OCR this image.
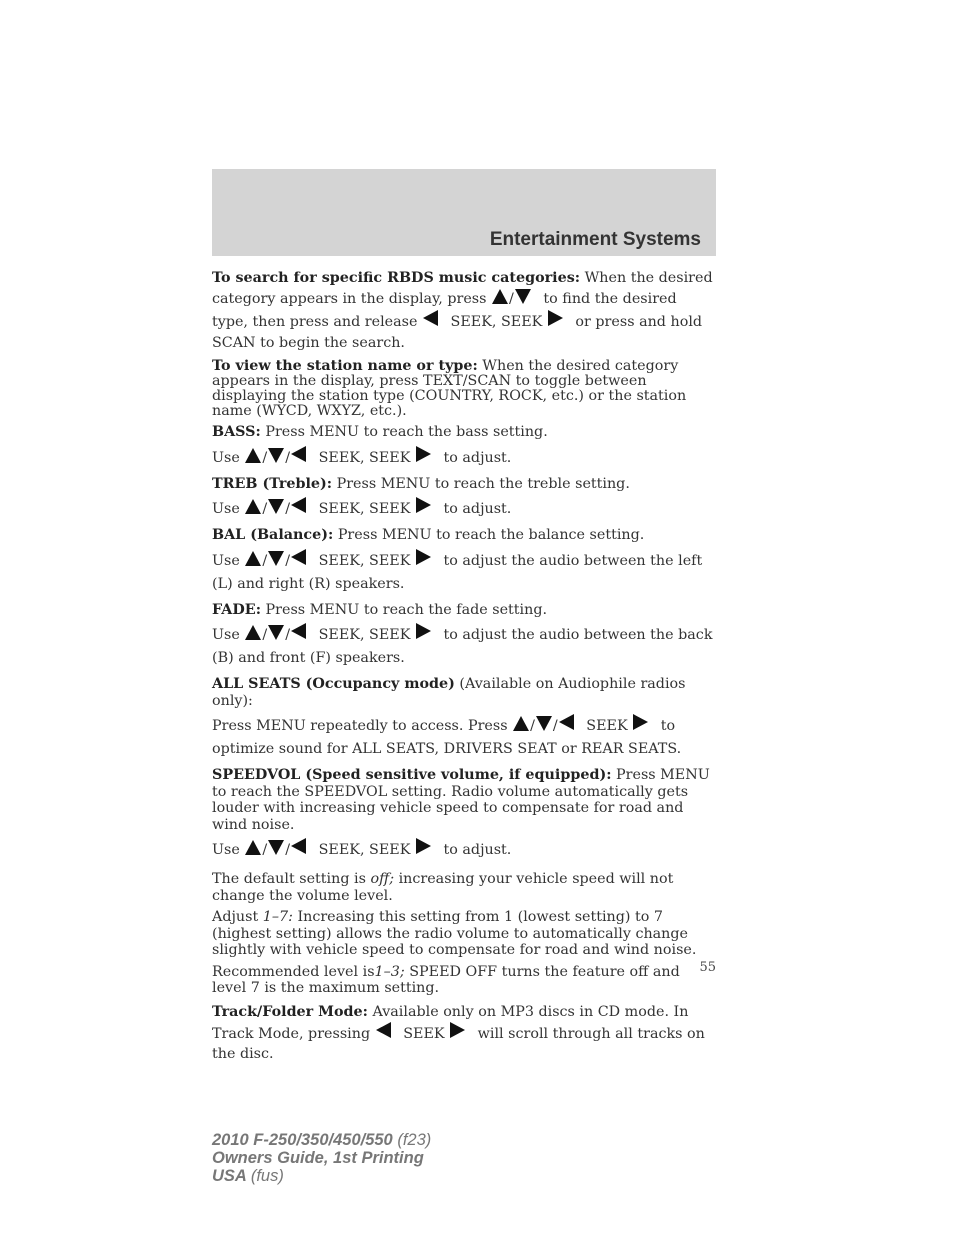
Entertainment Systems
To search for specific RBDS music categories: When the desired category appears in the display, press / to find the desired type, then press and release SEEK, SEEK or press and hold SCAN to begin the search.
To view the station name or type: When the desired category appears in the display, press TEXT/SCAN to toggle between displaying the station type (COUNTRY, ROCK, etc.) or the station name (WYCD, WXYZ, etc.).
BASS: Press MENU to reach the bass setting.
Use / / SEEK, SEEK to adjust.
TREB (Treble): Press MENU to reach the treble setting.
Use / / SEEK, SEEK to adjust.
BAL (Balance): Press MENU to reach the balance setting.
Use / / SEEK, SEEK to adjust the audio between the left (L) and right (R) speakers.
FADE: Press MENU to reach the fade setting.
Use / / SEEK, SEEK to adjust the audio between the back (B) and front (F) speakers.
ALL SEATS (Occupancy mode) (Available on Audiophile radios only):
Press MENU repeatedly to access. Press / / SEEK to optimize sound for ALL SEATS, DRIVERS SEAT or REAR SEATS.
SPEEDVOL (Speed sensitive volume, if equipped): Press MENU to reach the SPEEDVOL setting. Radio volume automatically gets louder with increasing vehicle speed to compensate for road and wind noise.
Use / / SEEK, SEEK to adjust.
The default setting is off; increasing your vehicle speed will not change the volume level.
Adjust 1–7: Increasing this setting from 1 (lowest setting) to 7 (highest setting) allows the radio volume to automatically change slightly with vehicle speed to compensate for road and wind noise.
Recommended level is1–3; SPEED OFF turns the feature off and level 7 is the maximum setting.
Track/Folder Mode: Available only on MP3 discs in CD mode. In Track Mode, pressing SEEK will scroll through all tracks on the disc.
55
2010 F-250/350/450/550 (f23)
Owners Guide, 1st Printing
USA (fus)
